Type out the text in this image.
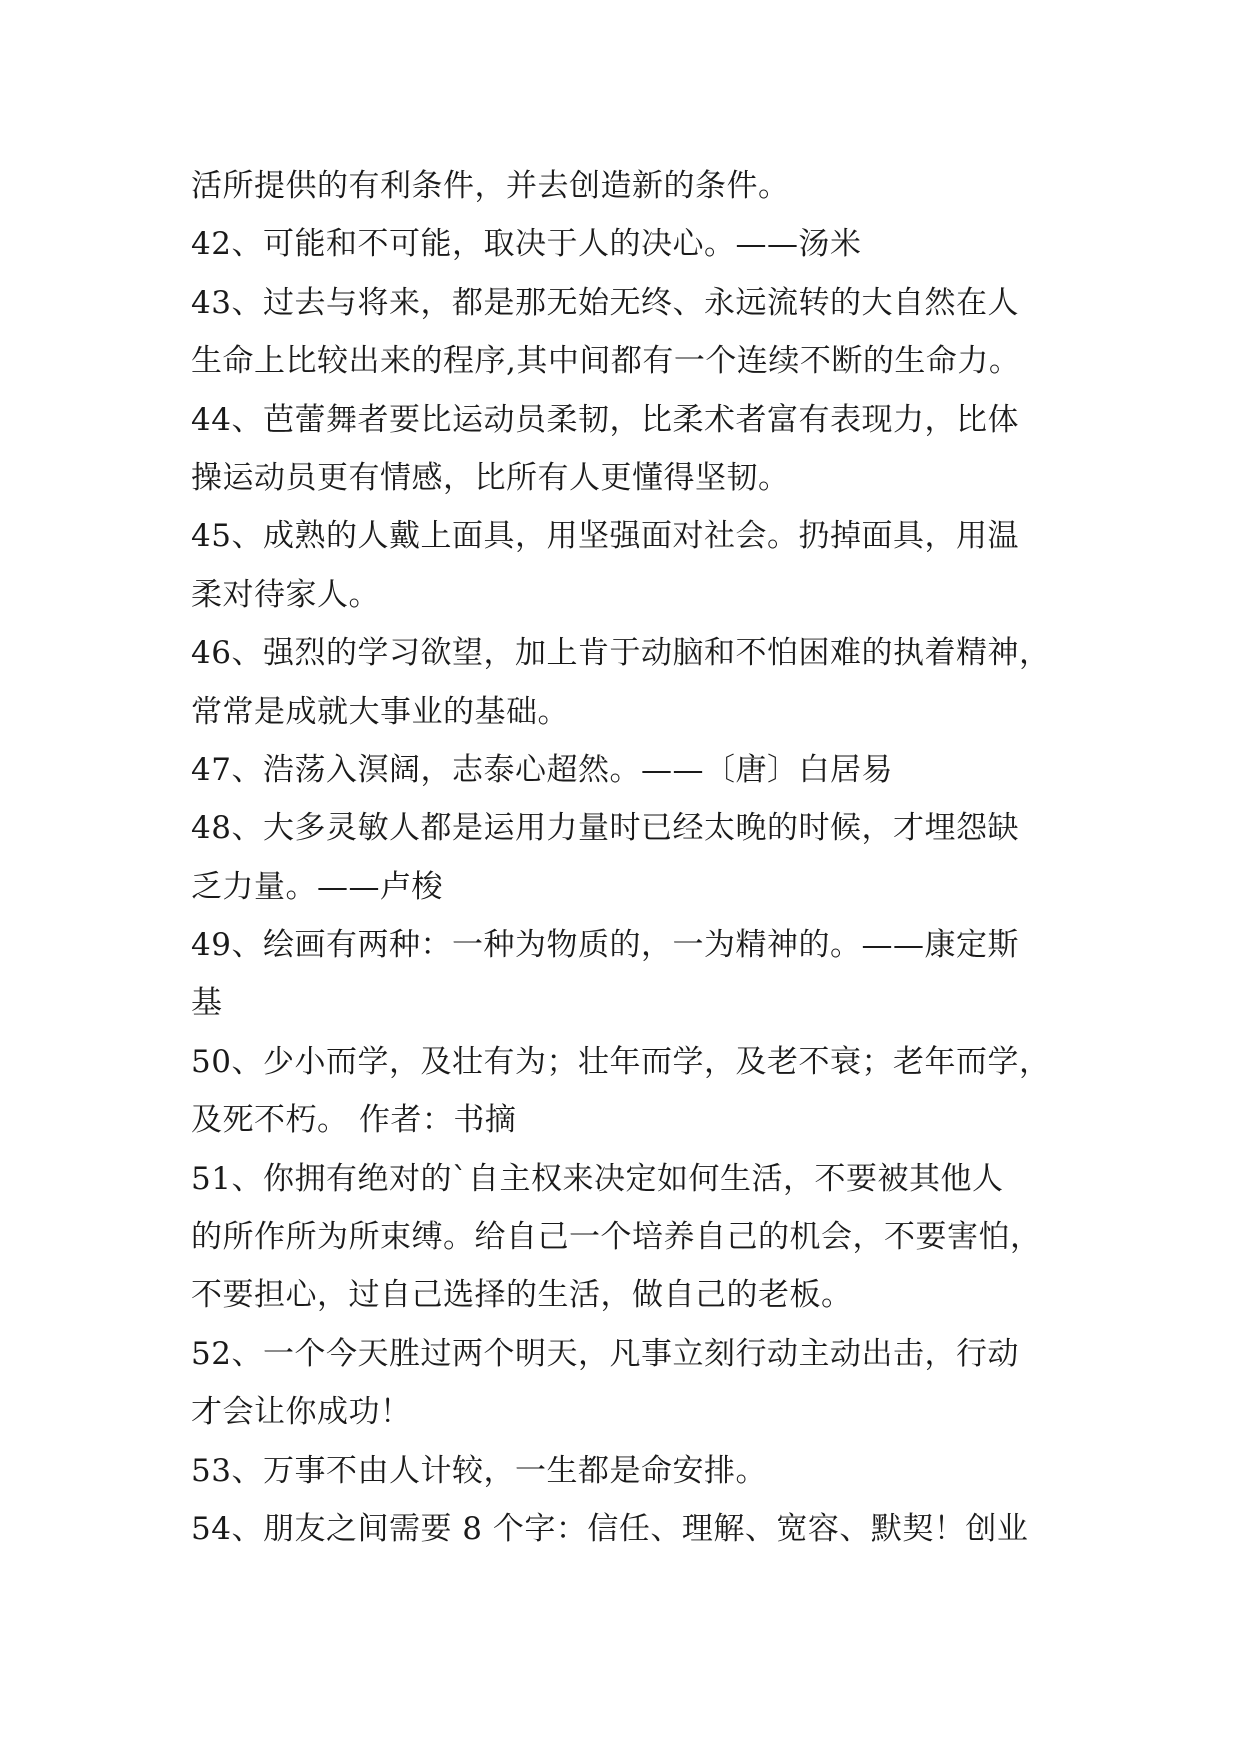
活所提供的有利条件，并去创造新的条件。
42、可能和不可能，取决于人的决心。——汤米
43、过去与将来，都是那无始无终、永远流转的大自然在人
生命上比较出来的程序,其中间都有一个连续不断的生命力。
44、芭蕾舞者要比运动员柔韧，比柔术者富有表现力，比体
操运动员更有情感，比所有人更懂得坚韧。
45、成熟的人戴上面具，用坚强面对社会。扔掉面具，用温
柔对待家人。
46、强烈的学习欲望，加上肯于动脑和不怕困难的执着精神，
常常是成就大事业的基础。
47、浩荡入溟阔，志泰心超然。——〔唐〕白居易
48、大多灵敏人都是运用力量时已经太晚的时候，才埋怨缺
乏力量。——卢梭
49、绘画有两种：一种为物质的，一为精神的。——康定斯
基
50、少小而学，及壮有为；壮年而学，及老不衰；老年而学，
及死不朽。 作者：书摘
51、你拥有绝对的`自主权来决定如何生活，不要被其他人
的所作所为所束缚。给自己一个培养自己的机会，不要害怕，
不要担心，过自己选择的生活，做自己的老板。
52、一个今天胜过两个明天，凡事立刻行动主动出击，行动
才会让你成功！
53、万事不由人计较，一生都是命安排。
54、朋友之间需要 8 个字：信任、理解、宽容、默契！创业
